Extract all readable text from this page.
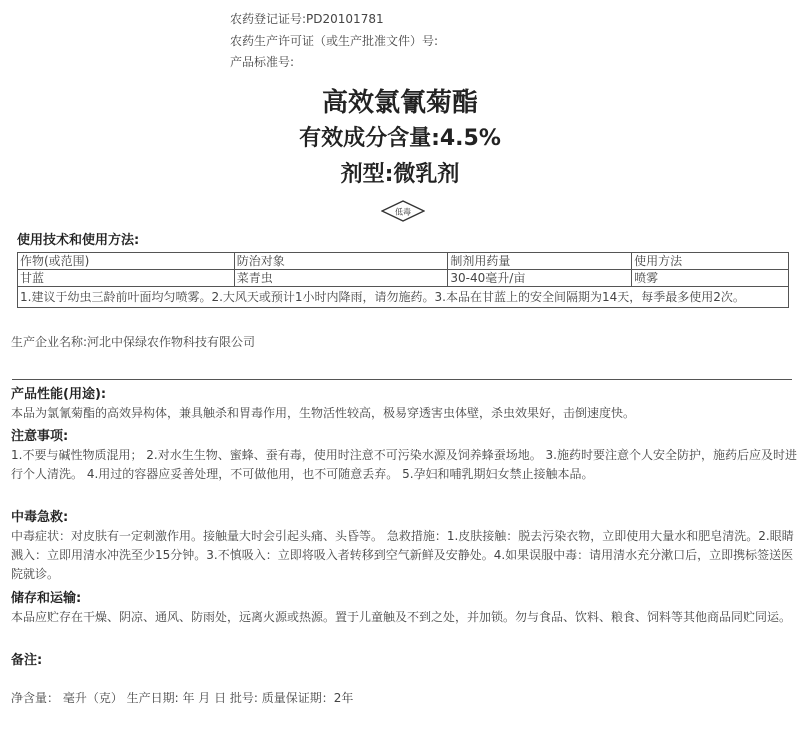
农药登记证号:PD20101781
农药生产许可证（或生产批准文件）号:
产品标准号:
高效氯氰菊酯
有效成分含量:4.5%
剂型:微乳剂
低毒
使用技术和使用方法:
作物(或范围)	防治对象	制剂用药量	使用方法
甘蓝	菜青虫	30-40毫升/亩	喷雾
1.建议于幼虫三龄前叶面均匀喷雾。2.大风天或预计1小时内降雨，请勿施药。3.本品在甘蓝上的安全间隔期为14天，每季最多使用2次。			
生产企业名称:河北中保绿农作物科技有限公司
产品性能(用途):
本品为氯氰菊酯的高效异构体，兼具触杀和胃毒作用，生物活性较高，极易穿透害虫体壁，杀虫效果好，击倒速度快。
注意事项:
1.不要与碱性物质混用； 2.对水生生物、蜜蜂、蚕有毒，使用时注意不可污染水源及饲养蜂蚕场地。 3.施药时要注意个人安全防护，施药后应及时进行个人清洗。 4.用过的容器应妥善处理，不可做他用，也不可随意丢弃。 5.孕妇和哺乳期妇女禁止接触本品。
中毒急救:
中毒症状：对皮肤有一定刺激作用。接触量大时会引起头痛、头昏等。 急救措施：1.皮肤接触：脱去污染衣物，立即使用大量水和肥皂清洗。2.眼睛溅入：立即用清水冲洗至少15分钟。3.不慎吸入：立即将吸入者转移到空气新鲜及安静处。4.如果误服中毒：请用清水充分漱口后，立即携标签送医院就诊。
储存和运输:
本品应贮存在干燥、阴凉、通风、防雨处，远离火源或热源。置于儿童触及不到之处，并加锁。勿与食品、饮料、粮食、饲料等其他商品同贮同运。
备注:
净含量： 毫升（克） 生产日期: 年 月 日 批号: 质量保证期：2年
